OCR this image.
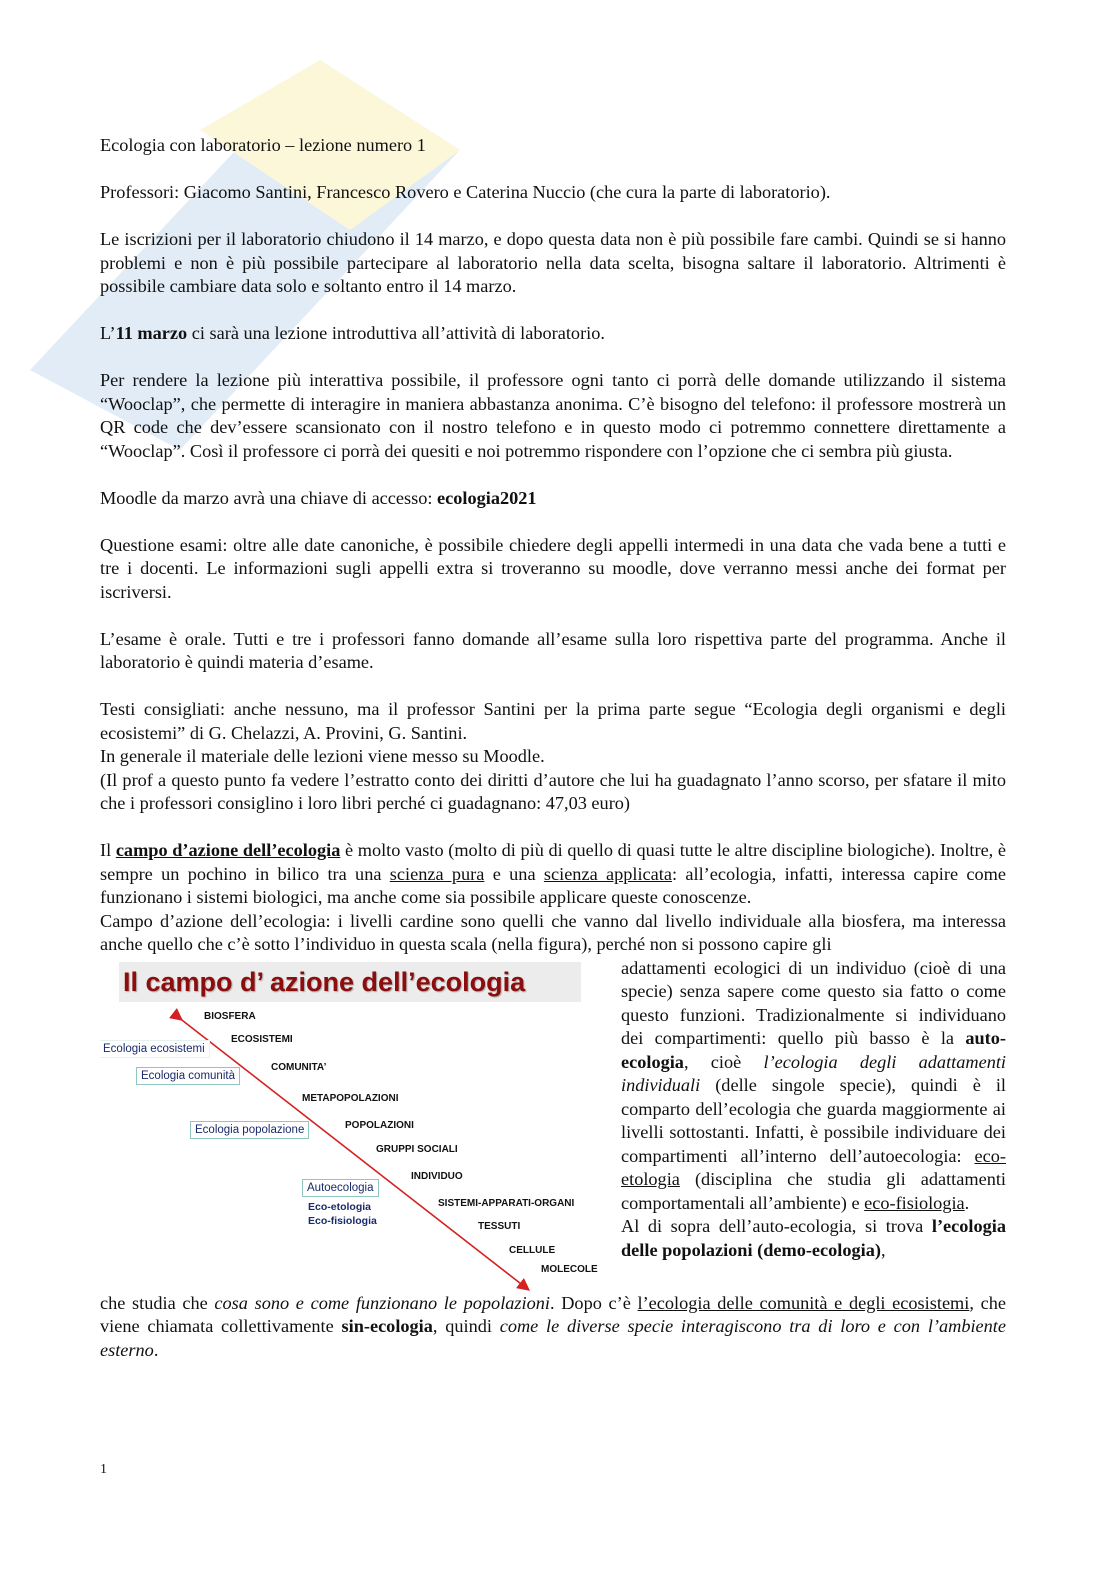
Ecologia con laboratorio – lezione numero 1

Professori: Giacomo Santini, Francesco Rovero e Caterina Nuccio (che cura la parte di laboratorio).

Le iscrizioni per il laboratorio chiudono il 14 marzo, e dopo questa data non è più possibile fare cambi. Quindi se si hanno problemi e non è più possibile partecipare al laboratorio nella data scelta, bisogna saltare il laboratorio. Altrimenti è possibile cambiare data solo e soltanto entro il 14 marzo.

L’11 marzo ci sarà una lezione introduttiva all’attività di laboratorio.

Per rendere la lezione più interattiva possibile, il professore ogni tanto ci porrà delle domande utilizzando il sistema “Wooclap”, che permette di interagire in maniera abbastanza anonima. C’è bisogno del telefono: il professore mostrerà un QR code che dev’essere scansionato con il nostro telefono e in questo modo ci potremmo connettere direttamente a “Wooclap”. Così il professore ci porrà dei quesiti e noi potremmo rispondere con l’opzione che ci sembra più giusta.

Moodle da marzo avrà una chiave di accesso: ecologia2021

Questione esami: oltre alle date canoniche, è possibile chiedere degli appelli intermedi in una data che vada bene a tutti e tre i docenti. Le informazioni sugli appelli extra si troveranno su moodle, dove verranno messi anche dei format per iscriversi.

L’esame è orale. Tutti e tre i professori fanno domande all’esame sulla loro rispettiva parte del programma. Anche il laboratorio è quindi materia d’esame.

Testi consigliati: anche nessuno, ma il professor Santini per la prima parte segue “Ecologia degli organismi e degli ecosistemi” di G. Chelazzi, A. Provini, G. Santini.

In generale il materiale delle lezioni viene messo su Moodle.

(Il prof a questo punto fa vedere l’estratto conto dei diritti d’autore che lui ha guadagnato l’anno scorso, per sfatare il mito che i professori consiglino i loro libri perché ci guadagnano: 47,03 euro)

Il campo d’azione dell’ecologia è molto vasto (molto di più di quello di quasi tutte le altre discipline biologiche). Inoltre, è sempre un pochino in bilico tra una scienza pura e una scienza applicata: all’ecologia, infatti, interessa capire come funzionano i sistemi biologici, ma anche come sia possibile applicare queste conoscenze.

Campo d’azione dell’ecologia: i livelli cardine sono quelli che vanno dal livello individuale alla biosfera, ma interessa anche quello che c’è sotto l’individuo in questa scala (nella figura), perché non si possono capire gli

Il campo d’ azione dell’ecologia
BIOSFERA
ECOSISTEMI
COMUNITA’
METAPOPOLAZIONI
POPOLAZIONI
GRUPPI SOCIALI
INDIVIDUO
SISTEMI-APPARATI-ORGANI
TESSUTI
CELLULE
MOLECOLE
Ecologia ecosistemi
Ecologia comunità
Ecologia popolazione
Autoecologia
Eco-etologia
Eco-fisiologia

adattamenti ecologici di un individuo (cioè di una specie) senza sapere come questo sia fatto o come questo funzioni. Tradizionalmente si individuano dei compartimenti: quello più basso è la auto-ecologia, cioè l’ecologia degli adattamenti individuali (delle singole specie), quindi è il comparto dell’ecologia che guarda maggiormente ai livelli sottostanti. Infatti, è possibile individuare dei compartimenti all’interno dell’autoecologia: eco-etologia (disciplina che studia gli adattamenti comportamentali all’ambiente) e eco-fisiologia.
Al di sopra dell’auto-ecologia, si trova l’ecologia delle popolazioni (demo-ecologia),

che studia che cosa sono e come funzionano le popolazioni. Dopo c’è l’ecologia delle comunità e degli ecosistemi, che viene chiamata collettivamente sin-ecologia, quindi come le diverse specie interagiscono tra di loro e con l’ambiente esterno.

1
